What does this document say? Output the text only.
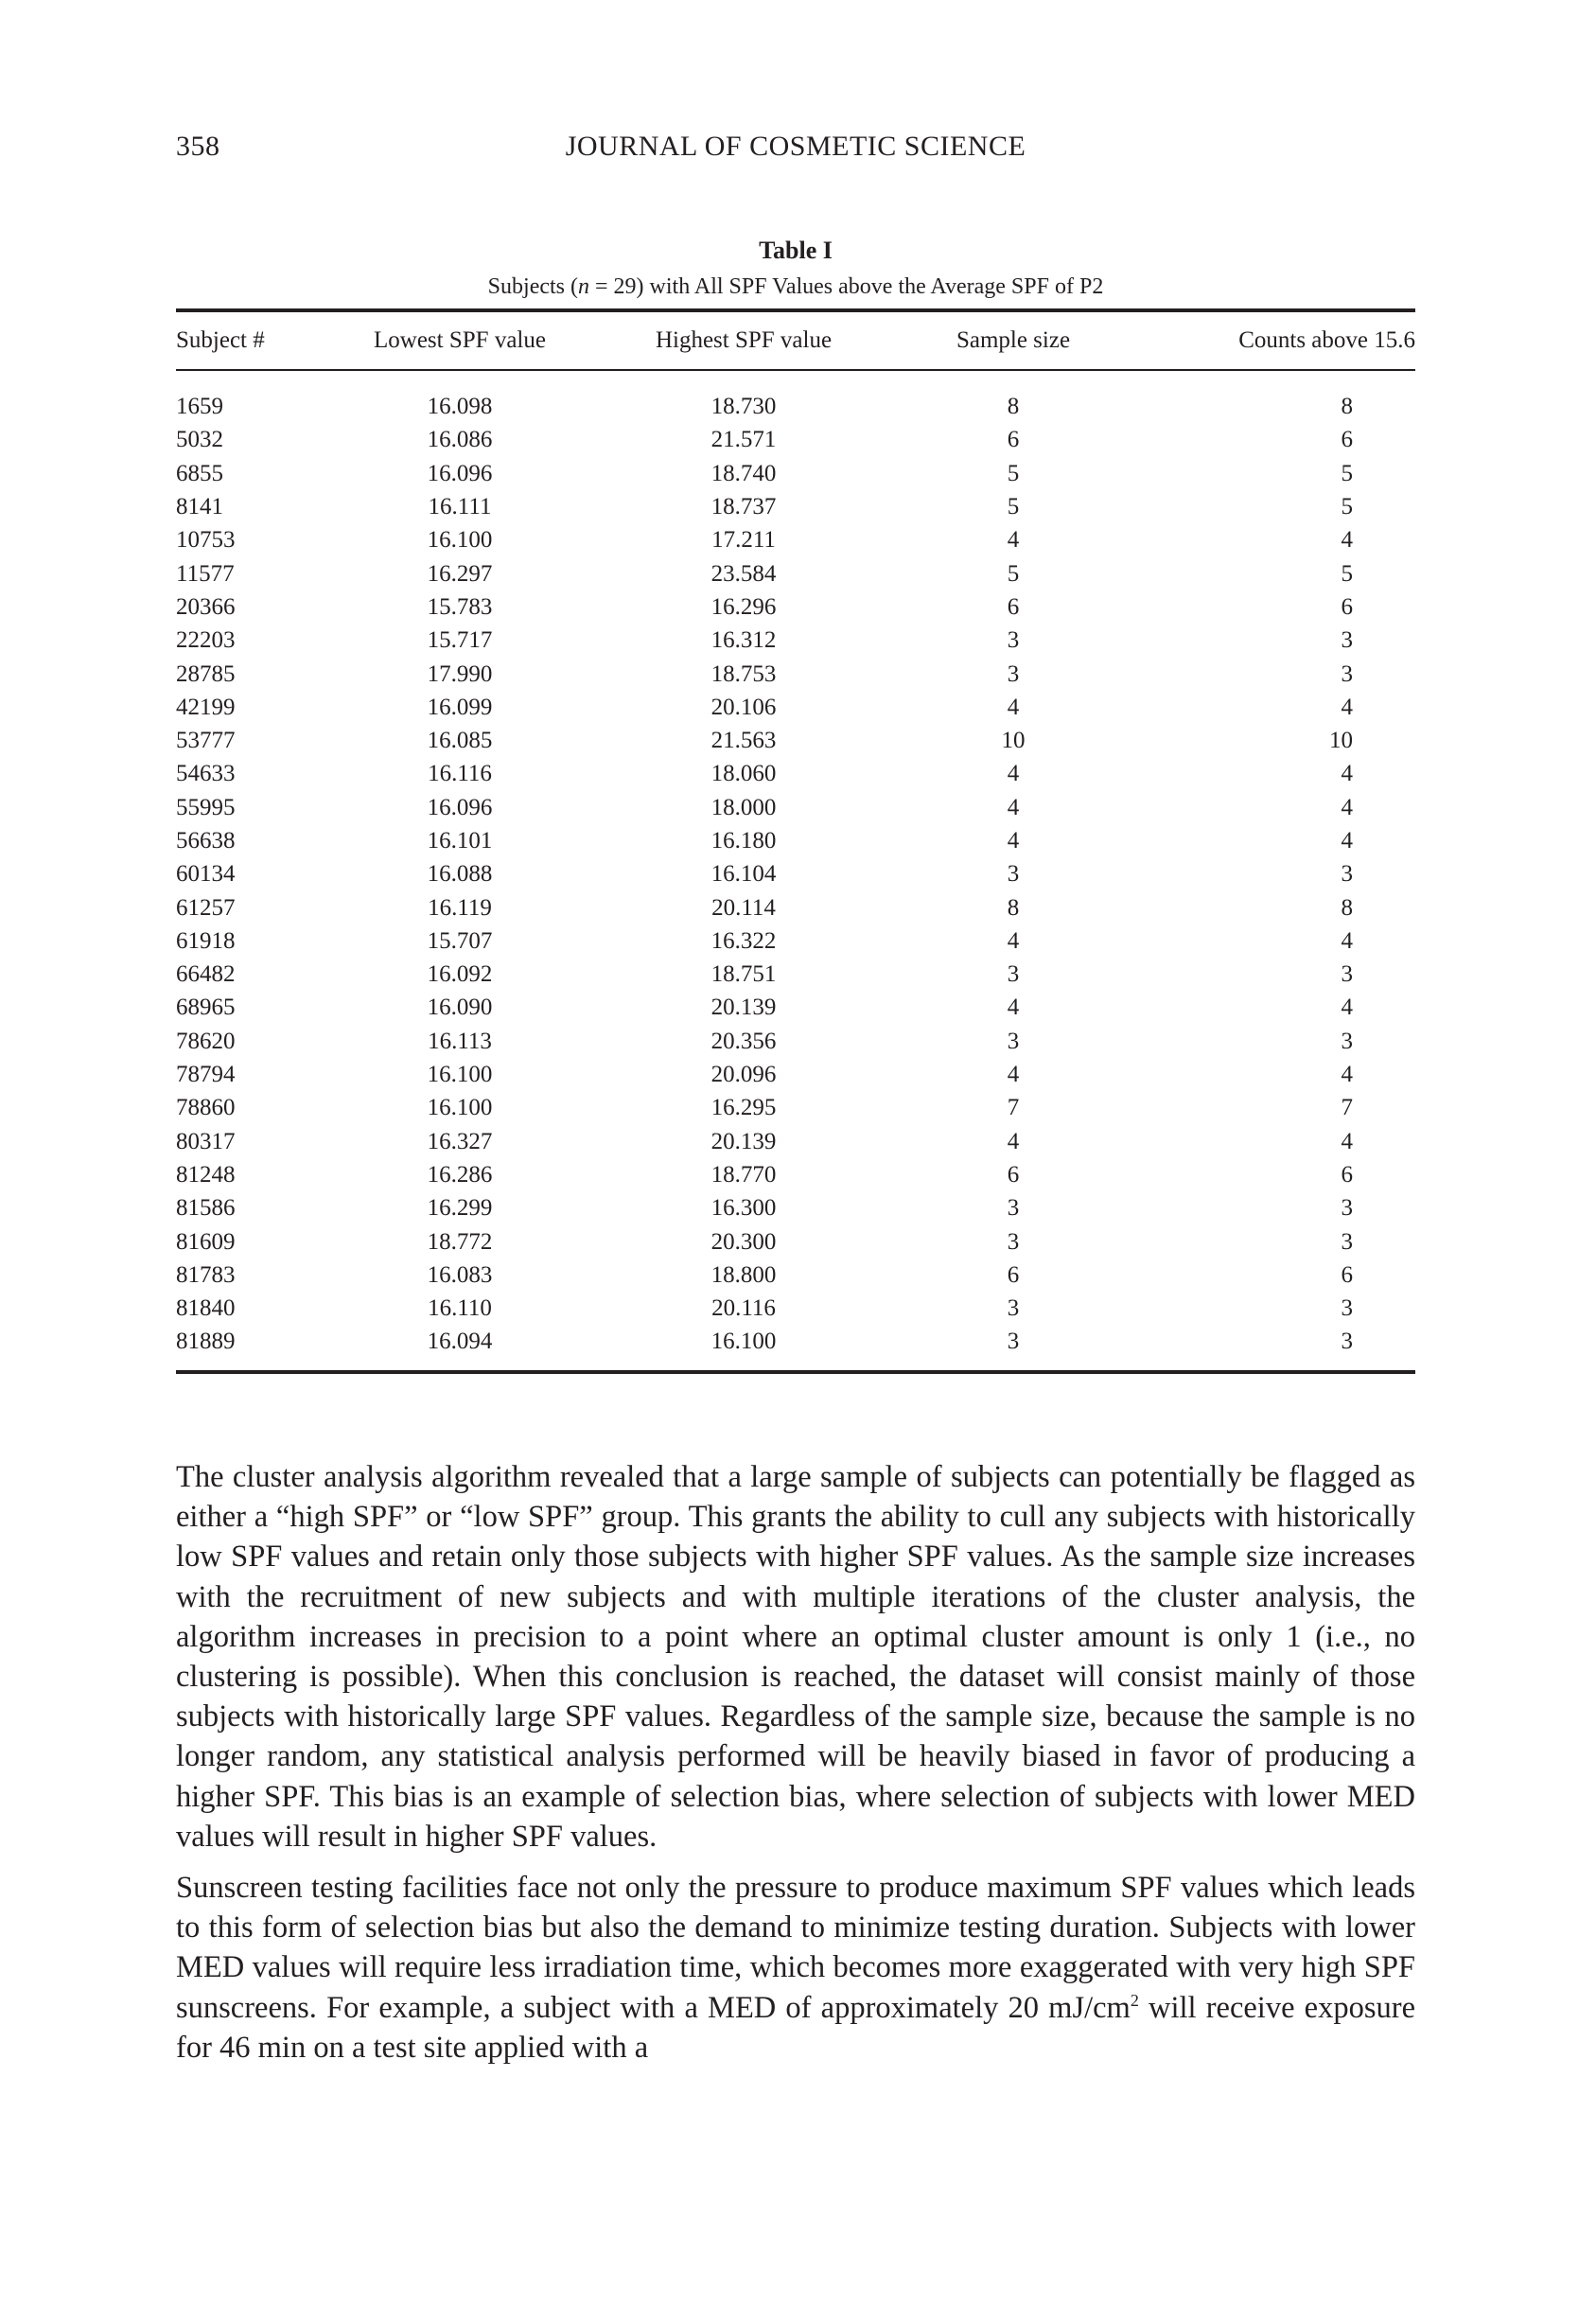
358	JOURNAL OF COSMETIC SCIENCE
Table I
Subjects (n = 29) with All SPF Values above the Average SPF of P2
Subject #	Lowest SPF value	Highest SPF value	Sample size	Counts above 15.6
1659	16.098	18.730	8	8
5032	16.086	21.571	6	6
6855	16.096	18.740	5	5
8141	16.111	18.737	5	5
10753	16.100	17.211	4	4
11577	16.297	23.584	5	5
20366	15.783	16.296	6	6
22203	15.717	16.312	3	3
28785	17.990	18.753	3	3
42199	16.099	20.106	4	4
53777	16.085	21.563	10	10
54633	16.116	18.060	4	4
55995	16.096	18.000	4	4
56638	16.101	16.180	4	4
60134	16.088	16.104	3	3
61257	16.119	20.114	8	8
61918	15.707	16.322	4	4
66482	16.092	18.751	3	3
68965	16.090	20.139	4	4
78620	16.113	20.356	3	3
78794	16.100	20.096	4	4
78860	16.100	16.295	7	7
80317	16.327	20.139	4	4
81248	16.286	18.770	6	6
81586	16.299	16.300	3	3
81609	18.772	20.300	3	3
81783	16.083	18.800	6	6
81840	16.110	20.116	3	3
81889	16.094	16.100	3	3

The cluster analysis algorithm revealed that a large sample of subjects can potentially be flagged as either a “high SPF” or “low SPF” group. This grants the ability to cull any subjects with historically low SPF values and retain only those subjects with higher SPF values. As the sample size increases with the recruitment of new subjects and with multiple iterations of the cluster analysis, the algorithm increases in precision to a point where an optimal cluster amount is only 1 (i.e., no clustering is possible). When this conclusion is reached, the dataset will consist mainly of those subjects with historically large SPF values. Regardless of the sample size, because the sample is no longer random, any statistical analysis performed will be heavily biased in favor of producing a higher SPF. This bias is an example of selection bias, where selection of subjects with lower MED values will result in higher SPF values.

Sunscreen testing facilities face not only the pressure to produce maximum SPF values which leads to this form of selection bias but also the demand to minimize testing duration. Subjects with lower MED values will require less irradiation time, which becomes more exaggerated with very high SPF sunscreens. For example, a subject with a MED of approximately 20 $mJ/cm^2$ will receive exposure for 46 min on a test site applied with a
